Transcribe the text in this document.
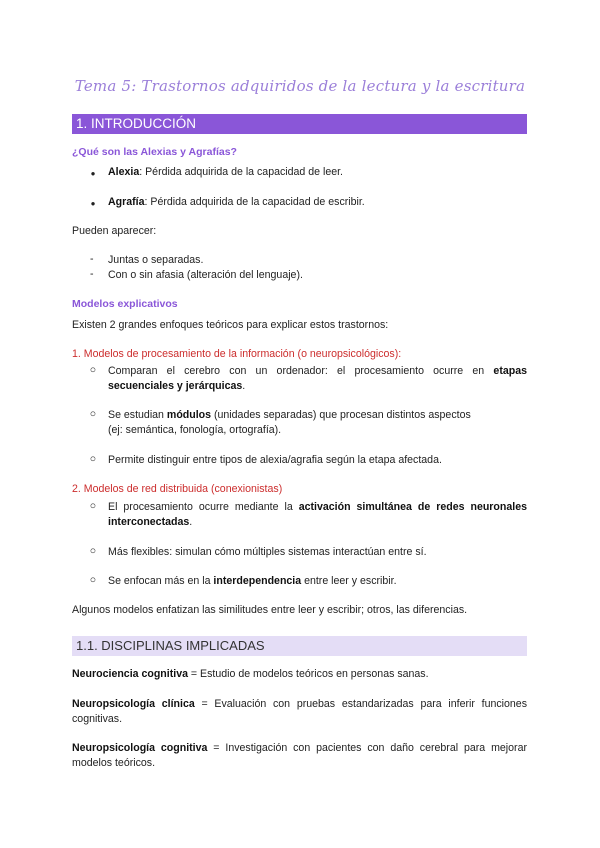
Tema 5: Trastornos adquiridos de la lectura y la escritura
1. INTRODUCCIÓN
¿Qué son las Alexias y Agrafías?
● Alexia: Pérdida adquirida de la capacidad de leer.
● Agrafía: Pérdida adquirida de la capacidad de escribir.
Pueden aparecer:
- Juntas o separadas.
- Con o sin afasia (alteración del lenguaje).
Modelos explicativos
Existen 2 grandes enfoques teóricos para explicar estos trastornos:
1. Modelos de procesamiento de la información (o neuropsicológicos):
○ Comparan el cerebro con un ordenador: el procesamiento ocurre en etapas
secuenciales y jerárquicas.
○ Se estudian módulos (unidades separadas) que procesan distintos aspectos
(ej: semántica, fonología, ortografía).
○ Permite distinguir entre tipos de alexia/agrafia según la etapa afectada.
2. Modelos de red distribuida (conexionistas)
○ El procesamiento ocurre mediante la activación simultánea de redes neuronales
interconectadas.
○ Más flexibles: simulan cómo múltiples sistemas interactúan entre sí.
○ Se enfocan más en la interdependencia entre leer y escribir.
Algunos modelos enfatizan las similitudes entre leer y escribir; otros, las diferencias.
1.1. DISCIPLINAS IMPLICADAS
Neurociencia cognitiva = Estudio de modelos teóricos en personas sanas.
Neuropsicología clínica = Evaluación con pruebas estandarizadas para inferir funciones
cognitivas.
Neuropsicología cognitiva = Investigación con pacientes con daño cerebral para mejorar
modelos teóricos.
